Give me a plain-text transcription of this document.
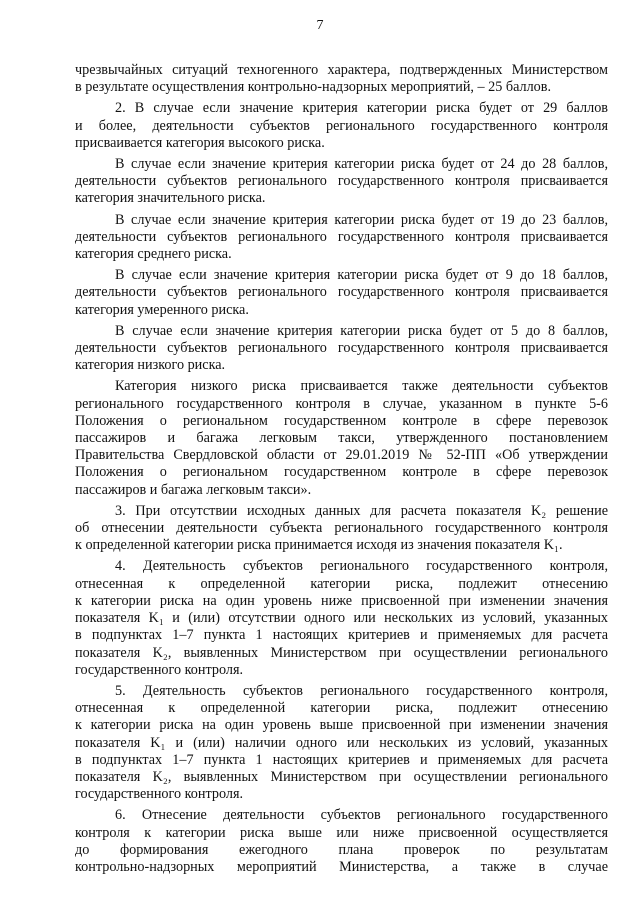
7
чрезвычайных ситуаций техногенного характера, подтвержденных Министерством
в результате осуществления контрольно-надзорных мероприятий, – 25 баллов.
2. В случае если значение критерия категории риска будет от 29 баллов
и более, деятельности субъектов регионального государственного контроля
присваивается категория высокого риска.
В случае если значение критерия категории риска будет от 24 до 28 баллов,
деятельности субъектов регионального государственного контроля присваивается
категория значительного риска.
В случае если значение критерия категории риска будет от 19 до 23 баллов,
деятельности субъектов регионального государственного контроля присваивается
категория среднего риска.
В случае если значение критерия категории риска будет от 9 до 18 баллов,
деятельности субъектов регионального государственного контроля присваивается
категория умеренного риска.
В случае если значение критерия категории риска будет от 5 до 8 баллов,
деятельности субъектов регионального государственного контроля присваивается
категория низкого риска.
Категория низкого риска присваивается также деятельности субъектов
регионального государственного контроля в случае, указанном в пункте 5-6
Положения о региональном государственном контроле в сфере перевозок
пассажиров и багажа легковым такси, утвержденного постановлением
Правительства Свердловской области от 29.01.2019 № 52-ПП «Об утверждении
Положения о региональном государственном контроле в сфере перевозок
пассажиров и багажа легковым такси».
3. При отсутствии исходных данных для расчета показателя K₂ решение
об отнесении деятельности субъекта регионального государственного контроля
к определенной категории риска принимается исходя из значения показателя K₁.
4. Деятельность субъектов регионального государственного контроля,
отнесенная к определенной категории риска, подлежит отнесению
к категории риска на один уровень ниже присвоенной при изменении значения
показателя K₁ и (или) отсутствии одного или нескольких из условий, указанных
в подпунктах 1–7 пункта 1 настоящих критериев и применяемых для расчета
показателя K₂, выявленных Министерством при осуществлении регионального
государственного контроля.
5. Деятельность субъектов регионального государственного контроля,
отнесенная к определенной категории риска, подлежит отнесению
к категории риска на один уровень выше присвоенной при изменении значения
показателя K₁ и (или) наличии одного или нескольких из условий, указанных
в подпунктах 1–7 пункта 1 настоящих критериев и применяемых для расчета
показателя K₂, выявленных Министерством при осуществлении регионального
государственного контроля.
6. Отнесение деятельности субъектов регионального государственного
контроля к категории риска выше или ниже присвоенной осуществляется
до формирования ежегодного плана проверок по результатам
контрольно-надзорных мероприятий Министерства, а также в случае
